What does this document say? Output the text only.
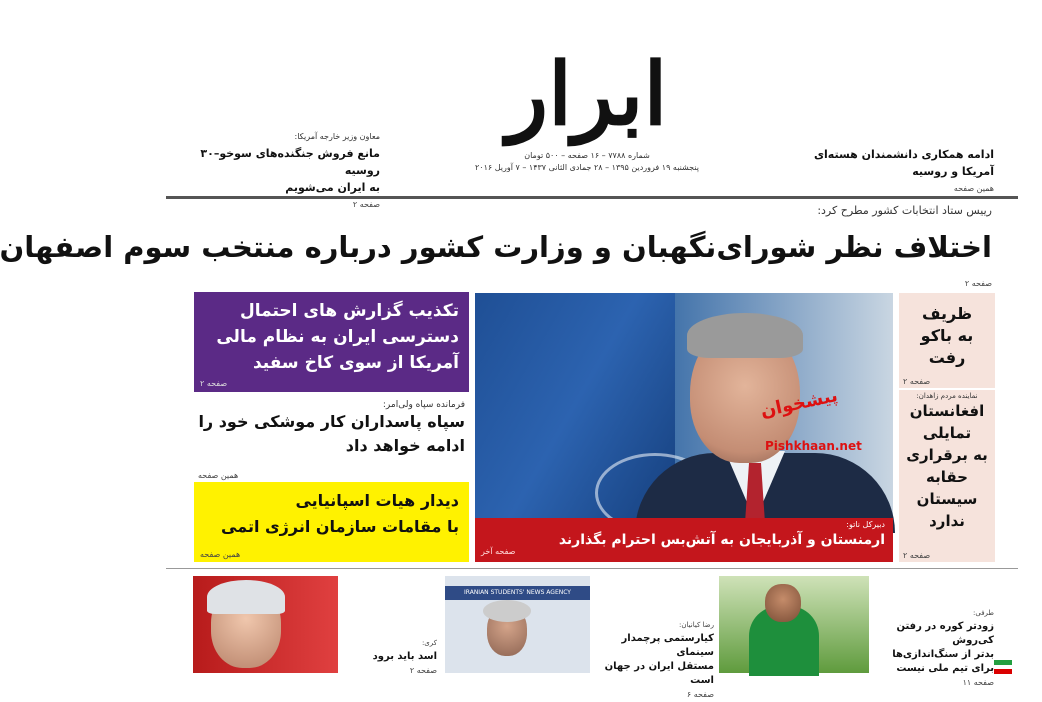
ابرار
شماره ۷۷۸۸ – ۱۶ صفحه – ۵۰۰ تومان
پنجشنبه ۱۹ فروردین ۱۳۹۵ – ۲۸ جمادی الثانی ۱۴۳۷ – ۷ آوریل ۲۰۱۶
معاون وزیر خارجه آمریکا:
مانع فروش جنگنده‌های سوخو–۳۰ روسیه
به ایران می‌شویم
صفحه ۲
ادامه همکاری دانشمندان هسته‌ای
آمریکا و روسیه
همین صفحه
رییس ستاد انتخابات کشور مطرح کرد:
اختلاف نظر شورای‌نگهبان و وزارت کشور درباره منتخب سوم اصفهان
صفحه ۲
تکذیب گزارش های احتمال
دسترسی ایران به نظام مالی
آمریکا از سوی کاخ سفید
صفحه ۲
فرمانده سپاه ولی‌امر:
سپاه پاسداران کار موشکی خود را
ادامه خواهد داد
همین صفحه
دیدار هیات اسپانیایی
با مقامات سازمان انرژی اتمی
همین صفحه
پیشخوان
Pishkhaan.net
دبیرکل ناتو:
ارمنستان و آذربایجان به آتش‌بس احترام بگذارند
صفحه آخر
ظریف
به باکو
رفت
صفحه ۲
نماینده مردم زاهدان:
افغانستان
تمایلی
به برقراری
حقابه
سیستان
ندارد
صفحه ۲
کری:
اسد باید برود
صفحه ۲
IRANIAN STUDENTS' NEWS AGENCY
رضا کیانیان:
کیارستمی پرچمدار سینمای
مستقل ایران در جهان است
صفحه ۶
طرفی:
زودتر کوره در رفتن کی‌روش
بدتر از سنگ‌اندازی‌ها
برای تیم ملی نیست
صفحه ۱۱
